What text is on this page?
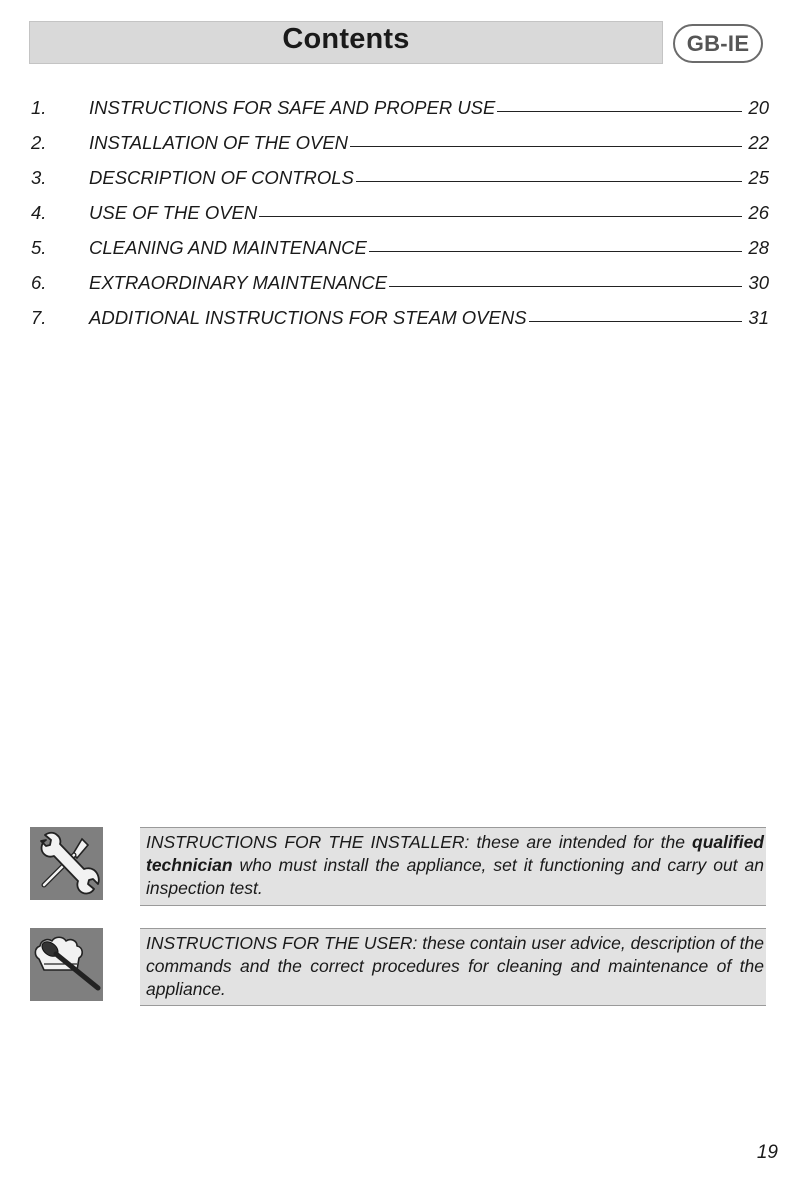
Contents	GB-IE
1.	INSTRUCTIONS FOR SAFE AND PROPER USE	20
2.	INSTALLATION OF THE OVEN	22
3.	DESCRIPTION OF CONTROLS	25
4.	USE OF THE OVEN	26
5.	CLEANING AND MAINTENANCE	28
6.	EXTRAORDINARY MAINTENANCE	30
7.	ADDITIONAL INSTRUCTIONS FOR STEAM OVENS	31
INSTRUCTIONS FOR THE INSTALLER: these are intended for the qualified technician who must install the appliance, set it functioning and carry out an inspection test.
INSTRUCTIONS FOR THE USER: these contain user advice, description of the commands and the correct procedures for cleaning and maintenance of the appliance.
19
